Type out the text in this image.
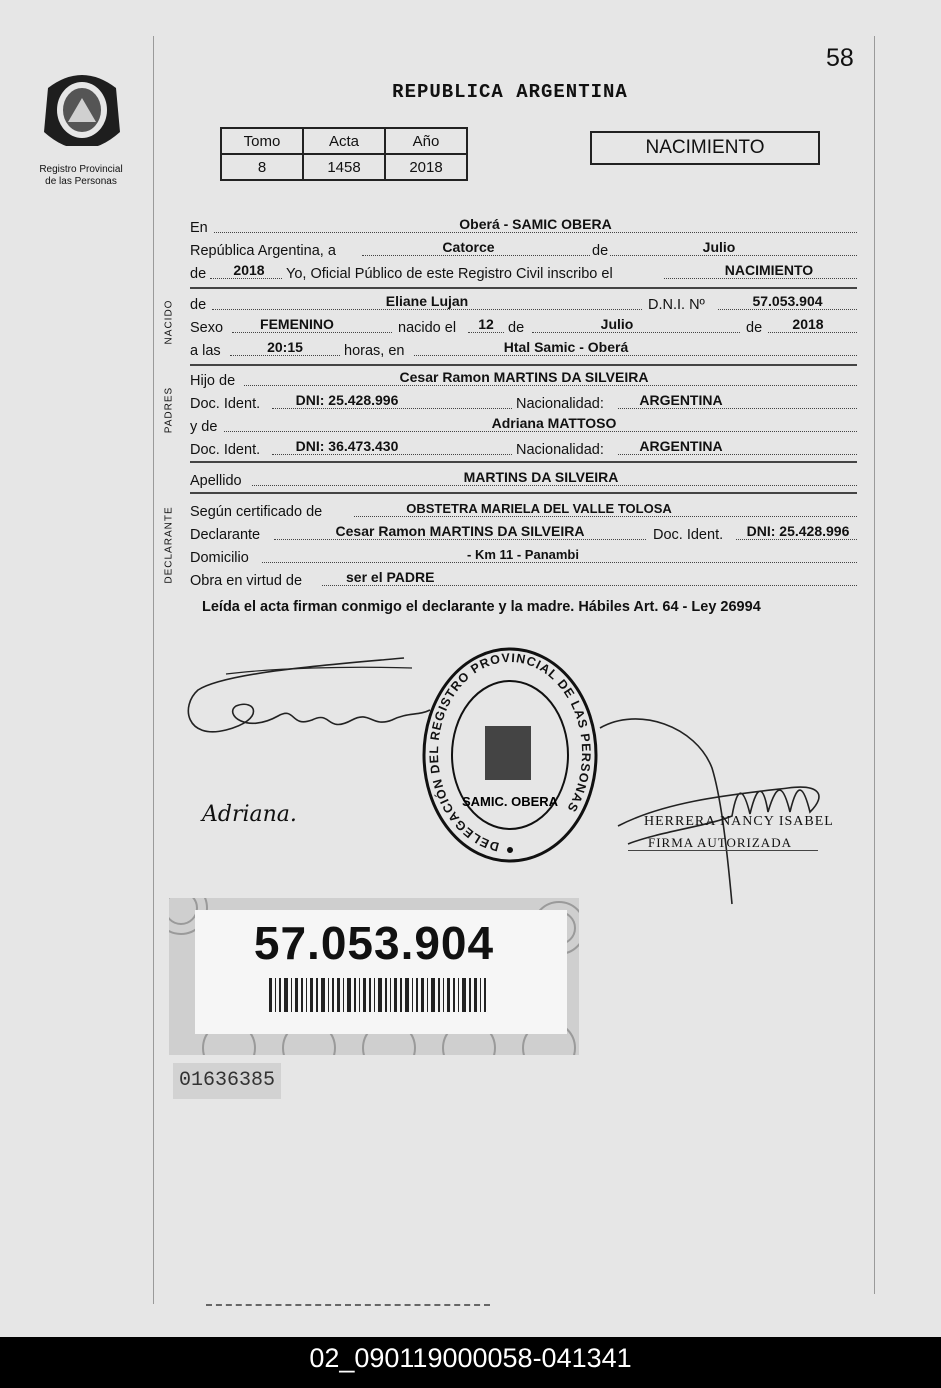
58
Registro Provincial
de las Personas
REPUBLICA ARGENTINA
Tomo	Acta	Año
8	1458	2018
NACIMIENTO
En	Oberá - SAMIC OBERA
República Argentina, a	Catorce	de	Julio
de	2018	Yo, Oficial Público de este Registro Civil inscribo el	NACIMIENTO
NACIDO de	Eliane Lujan	D.N.I. Nº	57.053.904
Sexo	FEMENINO	nacido el	12 de	Julio	de	2018
a las	20:15	horas, en	Htal Samic - Oberá
PADRES
Hijo de	Cesar Ramon MARTINS DA SILVEIRA
Doc. Ident.	DNI: 25.428.996	Nacionalidad:	ARGENTINA
y de	Adriana MATTOSO
Doc. Ident.	DNI: 36.473.430	Nacionalidad:	ARGENTINA
Apellido	MARTINS DA SILVEIRA
DECLARANTE Según certificado de	OBSTETRA MARIELA DEL VALLE TOLOSA
Declarante	Cesar Ramon MARTINS DA SILVEIRA	Doc. Ident.	DNI: 25.428.996
Domicilio	- Km 11 - Panambi
Obra en virtud de	ser el PADRE
Leída el acta firman conmigo el declarante y la madre. Hábiles Art. 64 - Ley 26994
Adriana.
DELEGACIÓN DEL REGISTRO PROVINCIAL DE LAS PERSONAS
SAMIC. OBERA
HERRERA NANCY ISABEL
FIRMA AUTORIZADA
57.053.904
01636385
02_090119000058-041341
